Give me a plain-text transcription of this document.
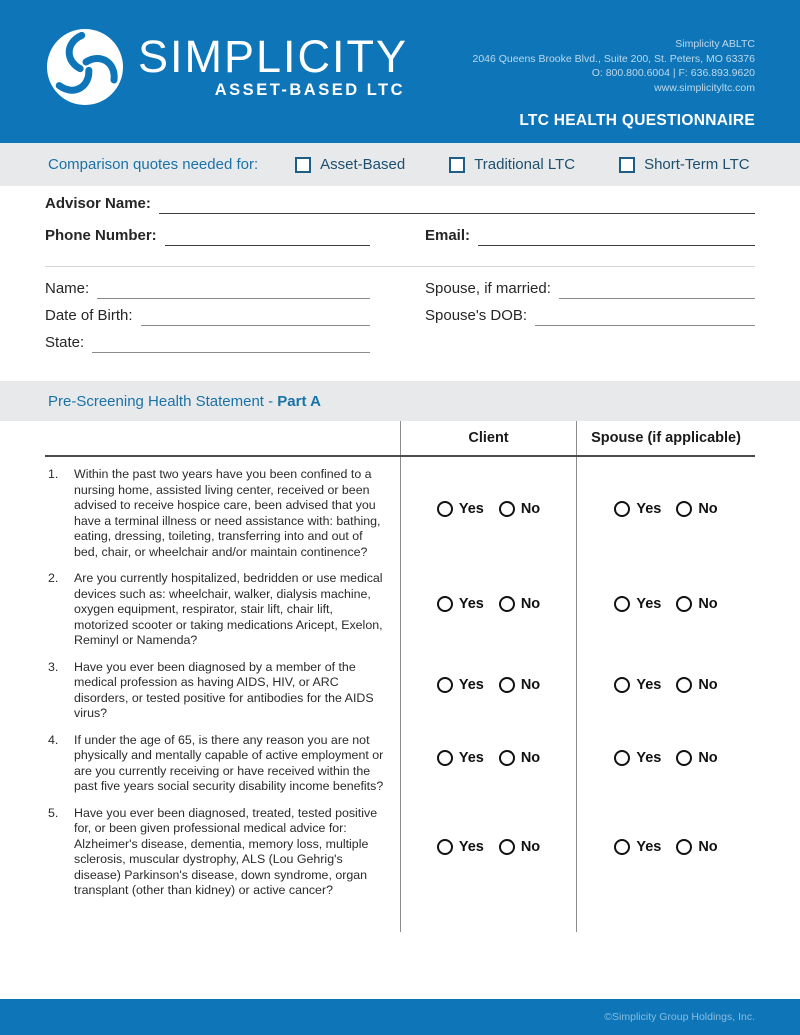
SIMPLICITY
ASSET-BASED LTC
Simplicity ABLTC
2046 Queens Brooke Blvd., Suite 200, St. Peters, MO 63376
O: 800.800.6004 | F: 636.893.9620
www.simplicityltc.com
LTC HEALTH QUESTIONNAIRE
Comparison quotes needed for:	Asset-Based	Traditional LTC	Short-Term LTC
Advisor Name:
Phone Number:	Email:
Name:	Spouse, if married:
Date of Birth:	Spouse's DOB:
State:
Pre-Screening Health Statement - Part A
Client	Spouse (if applicable)
1.	Within the past two years have you been confined to a nursing home, assisted living center, received or been advised to receive hospice care, been advised that you have a terminal illness or need assistance with: bathing, eating, dressing, toileting, transferring into and out of bed, chair, or wheelchair and/or maintain continence?
Yes	No	Yes	No
2.	Are you currently hospitalized, bedridden or use medical devices such as: wheelchair, walker, dialysis machine, oxygen equipment, respirator, stair lift, chair lift, motorized scooter or taking medications Aricept, Exelon, Reminyl or Namenda?
Yes	No	Yes	No
3.	Have you ever been diagnosed by a member of the medical profession as having AIDS, HIV, or ARC disorders, or tested positive for antibodies for the AIDS virus?
Yes	No	Yes	No
4.	If under the age of 65, is there any reason you are not physically and mentally capable of active employment or are you currently receiving or have received within the past five years social security disability income benefits?
Yes	No	Yes	No
5.	Have you ever been diagnosed, treated, tested positive for, or been given professional medical advice for: Alzheimer's disease, dementia, memory loss, multiple sclerosis, muscular dystrophy, ALS (Lou Gehrig's disease) Parkinson's disease, down syndrome, organ transplant (other than kidney) or active cancer?
Yes	No	Yes	No
©Simplicity Group Holdings, Inc.
